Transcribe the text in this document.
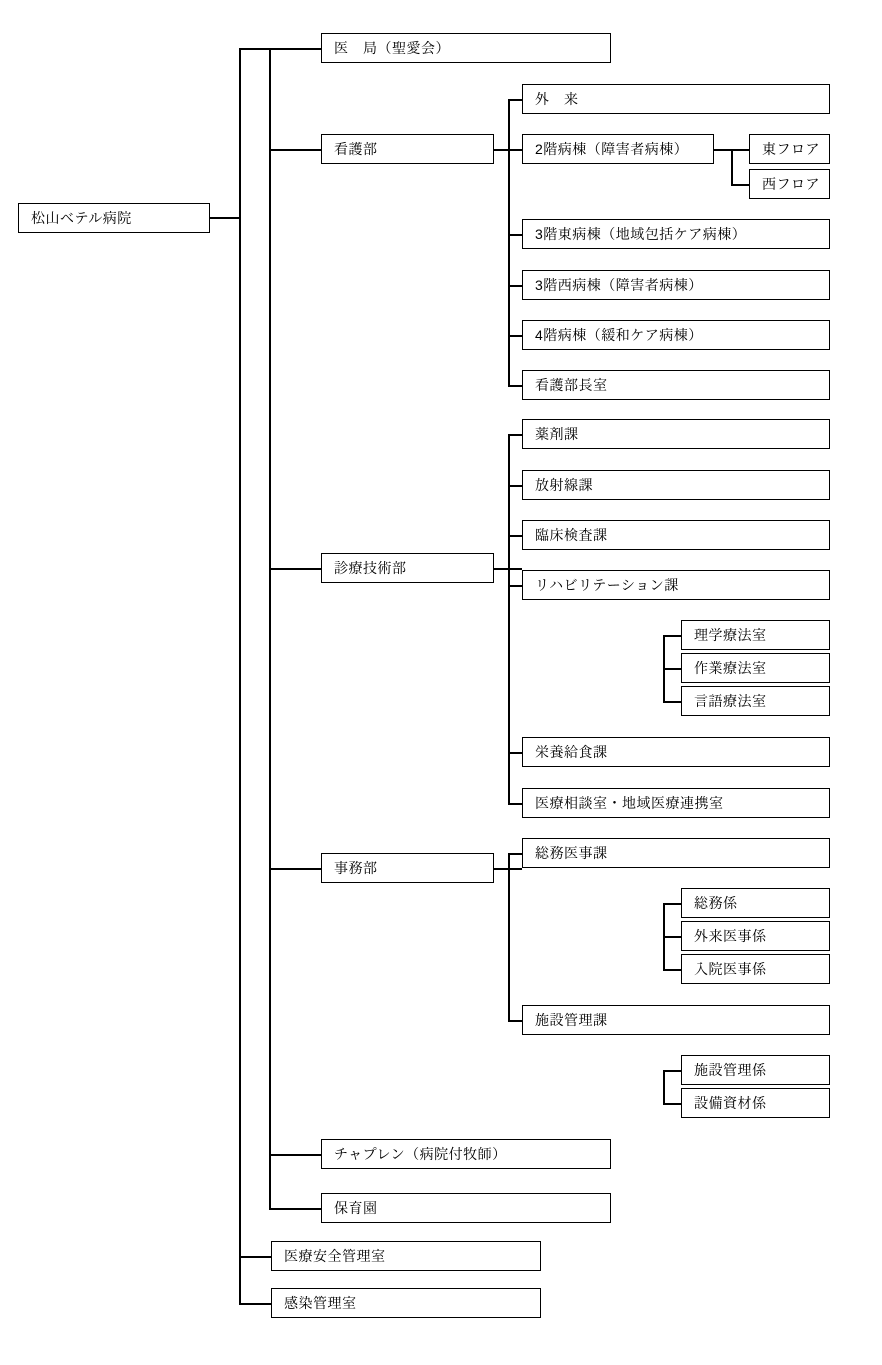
松山ベテル病院
医　局（聖愛会）
看護部
外　来
2階病棟（障害者病棟）	東フロア
西フロア
3階東病棟（地域包括ケア病棟）
3階西病棟（障害者病棟）
4階病棟（緩和ケア病棟）
看護部長室
診療技術部
薬剤課
放射線課
臨床検査課
リハビリテーション課
理学療法室
作業療法室
言語療法室
栄養給食課
医療相談室・地域医療連携室
事務部
総務医事課
総務係
外来医事係
入院医事係
施設管理課
施設管理係
設備資材係
チャプレン（病院付牧師）
保育園
医療安全管理室
感染管理室
